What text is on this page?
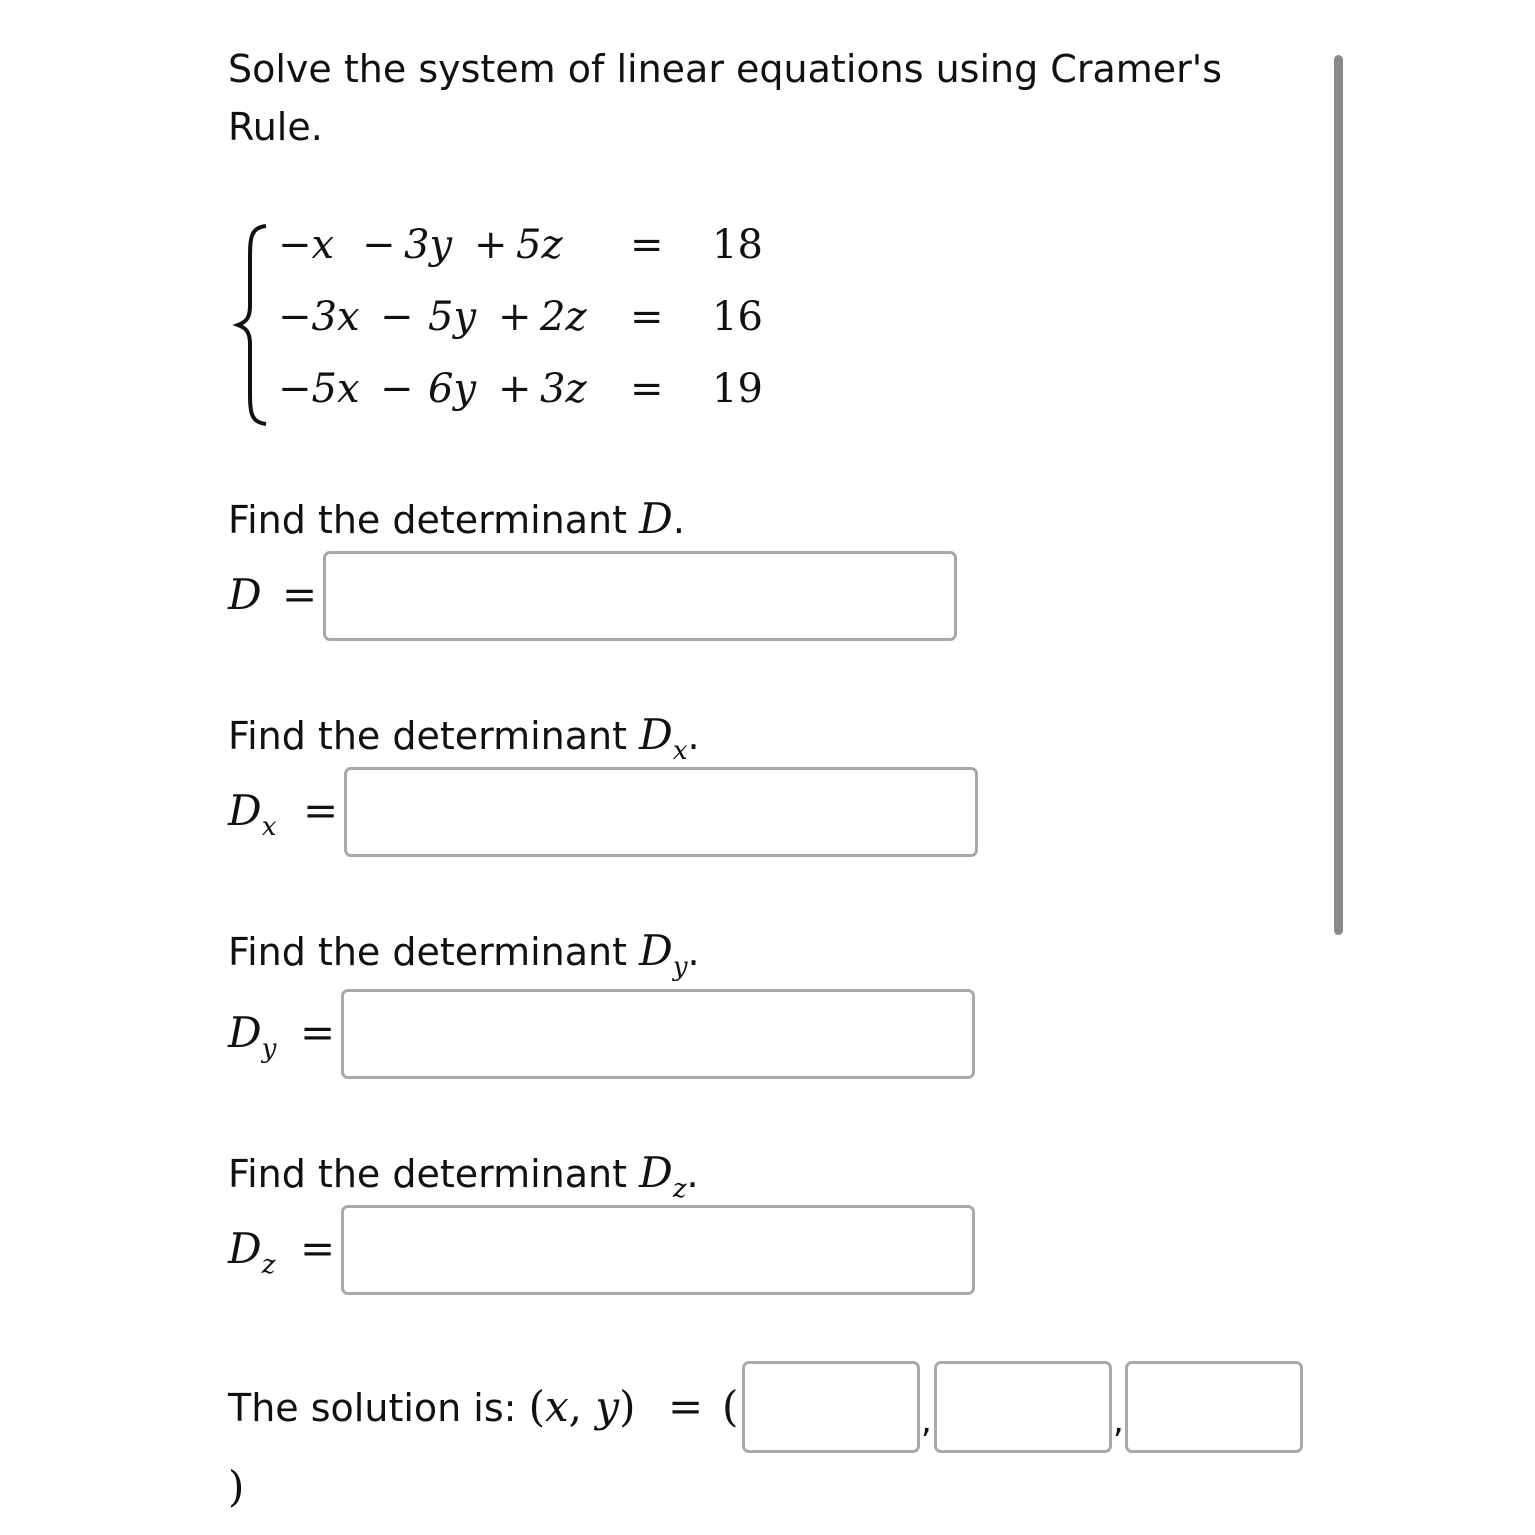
Solve the system of linear equations using Cramer's
Rule.
−x − 3y + 5z = 18
−3x − 5y + 2z = 16
−5x − 6y + 3z = 19
Find the determinant D.
D =
Find the determinant $D_x$.
$D_x$ =
Find the determinant $D_y$.
$D_y$ =
Find the determinant $D_z$.
$D_z$ =
The solution is: (x, y) = (	,	,
)
